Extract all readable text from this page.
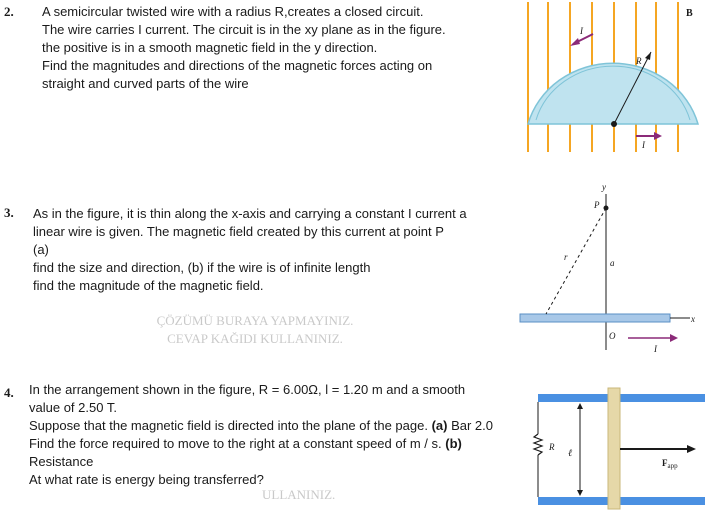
2. A semicircular twisted wire with a radius R,creates a closed circuit.
The wire carries I current. The circuit is in the xy plane as in the figure.
the positive is in a smooth magnetic field in the y direction.
Find the magnitudes and directions of the magnetic forces acting on straight and curved parts of the wire
B
I
R
I
3. As in the figure, it is thin along the x-axis and carrying a constant I current a linear wire is given. The magnetic field created by this current at point P
(a)
find the size and direction, (b) if the wire is of infinite length
find the magnitude of the magnetic field.
y
P
r
a
x
O
I
ÇÖZÜMÜ BURAYA YAPMAYINIZ.
CEVAP KAĞIDI KULLANINIZ.
4. In the arrangement shown in the figure, R = 6.00Ω, l = 1.20 m and a smooth value of 2.50 T.
Suppose that the magnetic field is directed into the plane of the page. (a) Bar 2.0
Find the force required to move to the right at a constant speed of m / s. (b)
Resistance
At what rate is energy being transferred?
ULLANINIZ.
R
ℓ
$F_{app}$
